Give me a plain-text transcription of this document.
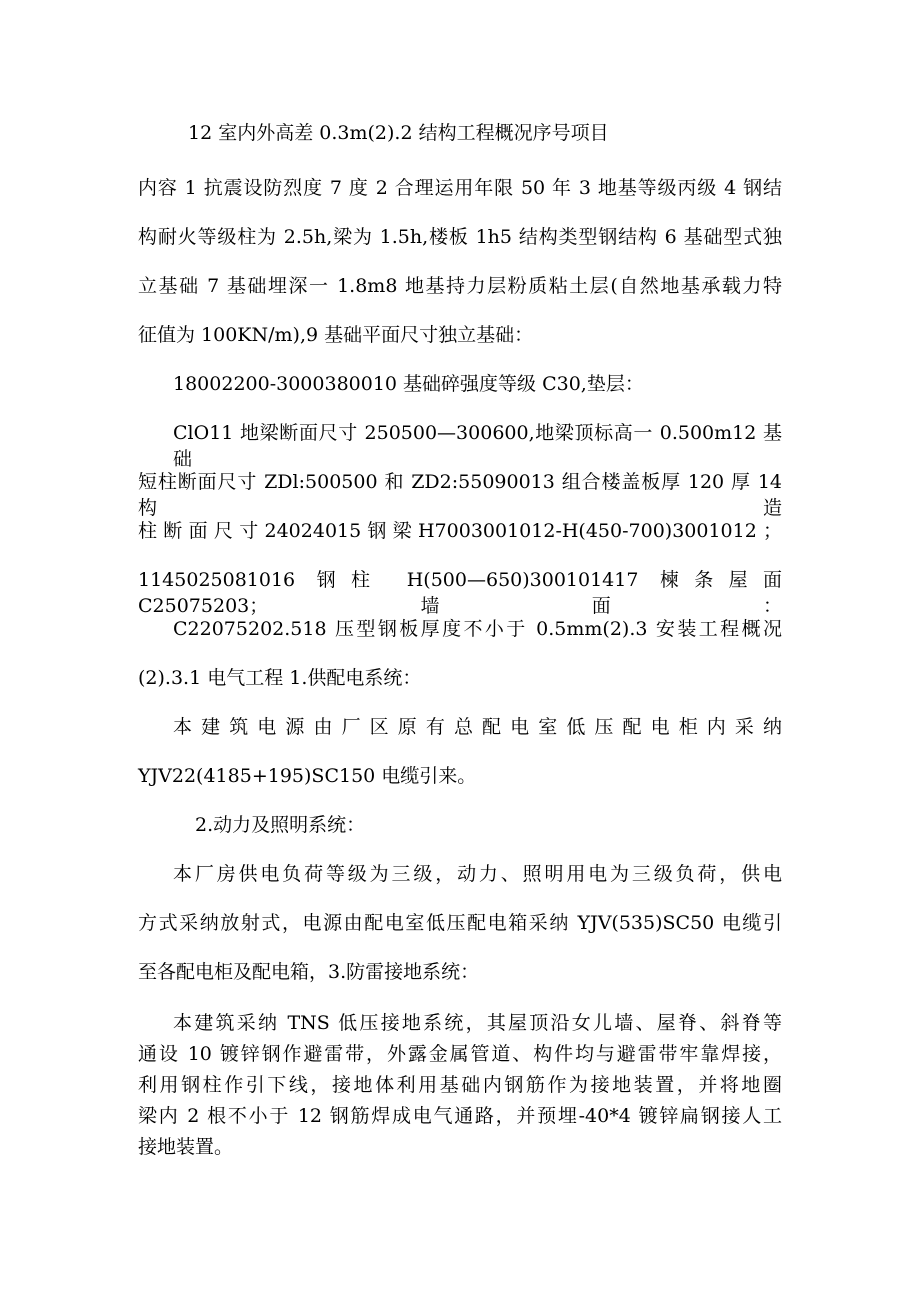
12 室内外高差 0.3m(2).2 结构工程概况序号项目
内容 1 抗震设防烈度 7 度 2 合理运用年限 50 年 3 地基等级丙级 4 钢结
构耐火等级柱为 2.5h,梁为 1.5h,楼板 1h5 结构类型钢结构 6 基础型式独
立基础 7 基础埋深一 1.8m8 地基持力层粉质粘土层(自然地基承载力特
征值为 100KN∕m),9 基础平面尺寸独立基础：
18002200-3000380010 基础碎强度等级 C30,垫层：
ClO11 地梁断面尺寸 250500—300600,地梁顶标高一 0.500m12 基础
短柱断面尺寸 ZDl:500500 和 ZD2:55090013 组合楼盖板厚 120 厚 14 构造
柱 断 面 尺 寸 24024015 钢 梁 H7003001012-H(450-700)3001012 ；
1145025081016 钢柱 H(500—650)300101417 楝条屋面 C25075203；墙面：
C22075202.518 压型钢板厚度不小于 0.5mm(2).3 安装工程概况
(2).3.1 电气工程 1.供配电系统：
本 建 筑 电 源 由 厂 区 原 有 总 配 电 室 低 压 配 电 柜 内 采 纳
YJV22(4185+195)SC150 电缆引来。
2.动力及照明系统：
本厂房供电负荷等级为三级，动力、照明用电为三级负荷，供电
方式采纳放射式，电源由配电室低压配电箱采纳 YJV(535)SC50 电缆引
至各配电柜及配电箱，3.防雷接地系统：
本建筑采纳 TNS 低压接地系统，其屋顶沿女儿墙、屋脊、斜脊等
通设 10 镀锌钢作避雷带，外露金属管道、构件均与避雷带牢靠焊接，
利用钢柱作引下线，接地体利用基础内钢筋作为接地装置，并将地圈
梁内 2 根不小于 12 钢筋焊成电气通路，并预埋-40*4 镀锌扁钢接人工
接地装置。
